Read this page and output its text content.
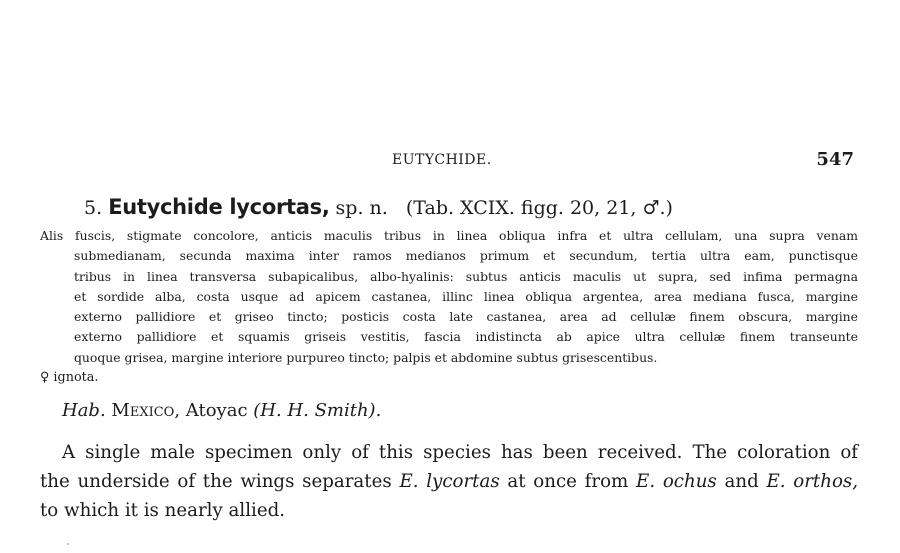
EUTYCHIDE.	547
5. Eutychide lycortas, sp. n. (Tab. XCIX. figg. 20, 21, ♂.)
Alis fuscis, stigmate concolore, anticis maculis tribus in linea obliqua infra et ultra cellulam, una supra venam
submedianam, secunda maxima inter ramos medianos primum et secundum, tertia ultra eam, punctisque
tribus in linea transversa subapicalibus, albo-hyalinis: subtus anticis maculis ut supra, sed infima permagna
et sordide alba, costa usque ad apicem castanea, illinc linea obliqua argentea, area mediana fusca, margine
externo pallidiore et griseo tincto; posticis costa late castanea, area ad cellulæ finem obscura, margine
externo pallidiore et squamis griseis vestitis, fascia indistincta ab apice ultra cellulæ finem transeunte
quoque grisea, margine interiore purpureo tincto; palpis et abdomine subtus grisescentibus.
♀ ignota.
Hab. Mexico, Atoyac (H. H. Smith).
A single male specimen only of this species has been received. The coloration of
the underside of the wings separates E. lycortas at once from E. ochus and E. orthos,
to which it is nearly allied.
